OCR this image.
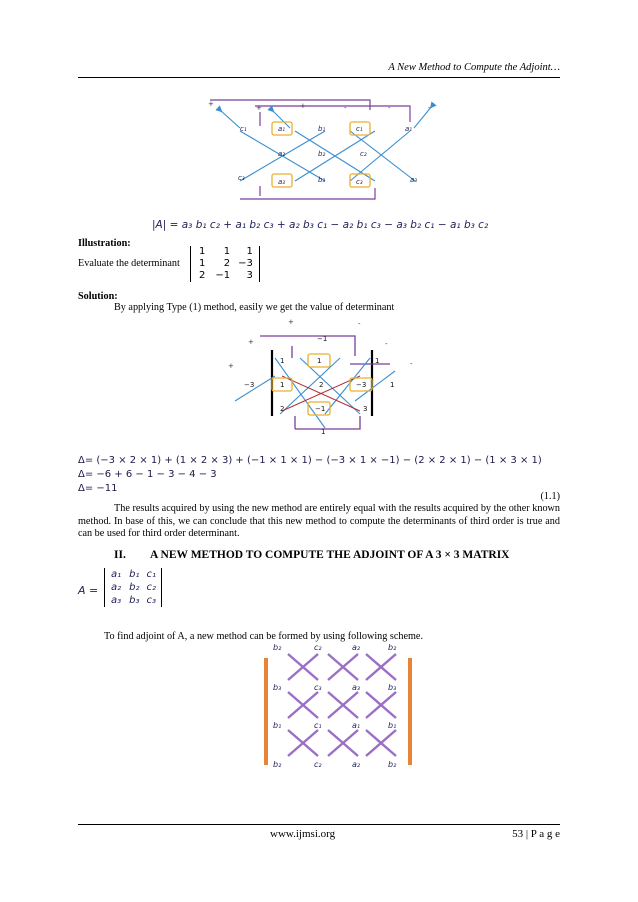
A New Method to Compute the Adjoint…
c₁	a₁	b₁	c₁	a₁
a₂	b₂	c₂
c₃	a₃	b₃	c₃	a₃
+	+	+	-	-	-
|A| = a₃ b₁ c₂ + a₁ b₂ c₃ + a₂ b₃ c₁ − a₂ b₁ c₃ − a₃ b₂ c₁ − a₁ b₃ c₂
Illustration:
Evaluate the determinant
1	1	1
1	2	−3
2	−1	3
Solution:
By applying Type (1) method, easily we get the value of determinant
−1
1	1	1
−3	1	2	−3	1
2	−1	3
1
+
+
+
-
-
-
Δ= (−3 × 2 × 1) + (1 × 2 × 3) + (−1 × 1 × 1) − (−3 × 1 × −1) − (2 × 2 × 1) − (1 × 3 × 1)
Δ= −6 + 6 − 1 − 3 − 4 − 3
Δ= −11
(1.1)
The results acquired by using the new method are entirely equal with the results acquired by the other known method. In base of this, we can conclude that this new method to compute the determinants of third order is true and can be used for third order determinant.
II. A NEW METHOD TO COMPUTE THE ADJOINT OF A 3 × 3 MATRIX
A =
a₁	b₁	c₁
a₂	b₂	c₂
a₃	b₃	c₃
To find adjoint of A, a new method can be formed by using following scheme.
b₂	c₂	a₂	b₂
b₃	c₃	a₃	b₃
b₁	c₁	a₁	b₁
b₂	c₂	a₂	b₂
www.ijmsi.org	53 | P a g e
